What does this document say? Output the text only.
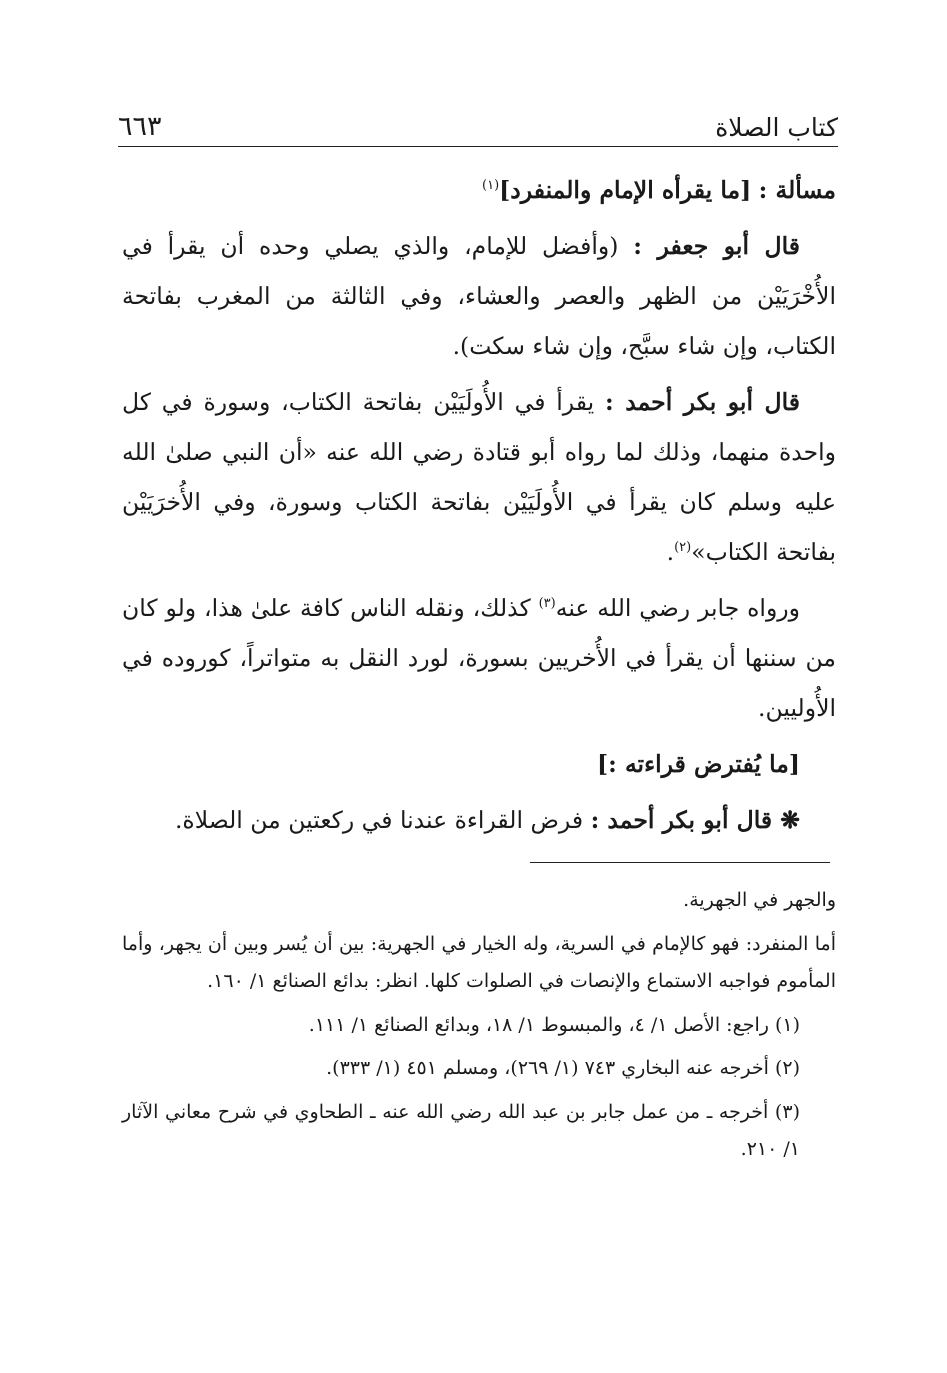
كتاب الصلاة
٦٦٣

مسألة : [ما يقرأه الإمام والمنفرد]$^{(١)}$

قال أبو جعفر : (وأفضل للإمام، والذي يصلي وحده أن يقرأ في الأُخْرَيَيْن من الظهر والعصر والعشاء، وفي الثالثة من المغرب بفاتحة الكتاب، وإن شاء سبَّح، وإن شاء سكت).

قال أبو بكر أحمد : يقرأ في الأُولَيَيْن بفاتحة الكتاب، وسورة في كل واحدة منهما، وذلك لما رواه أبو قتادة رضي الله عنه «أن النبي صلىٰ الله عليه وسلم كان يقرأ في الأُولَيَيْن بفاتحة الكتاب وسورة، وفي الأُخرَيَيْن بفاتحة الكتاب»$^{(٢)}$.

ورواه جابر رضي الله عنه$^{(٣)}$ كذلك، ونقله الناس كافة علىٰ هذا، ولو كان من سننها أن يقرأ في الأُخريين بسورة، لورد النقل به متواتراً، كوروده في الأُوليين.

[ما يُفترض قراءته :]

❋ قال أبو بكر أحمد : فرض القراءة عندنا في ركعتين من الصلاة.

والجهر في الجهرية.

أما المنفرد: فهو كالإمام في السرية، وله الخيار في الجهرية: بين أن يُسر وبين أن يجهر، وأما المأموم فواجبه الاستماع والإنصات في الصلوات كلها. انظر: بدائع الصنائع ١/ ١٦٠.

(١) راجع: الأصل ١/ ٤، والمبسوط ١/ ١٨، وبدائع الصنائع ١/ ١١١.

(٢) أخرجه عنه البخاري ٧٤٣ (١/ ٢٦٩)، ومسلم ٤٥١ (١/ ٣٣٣).

(٣) أخرجه ـ من عمل جابر بن عبد الله رضي الله عنه ـ الطحاوي في شرح معاني الآثار ١/ ٢١٠.
